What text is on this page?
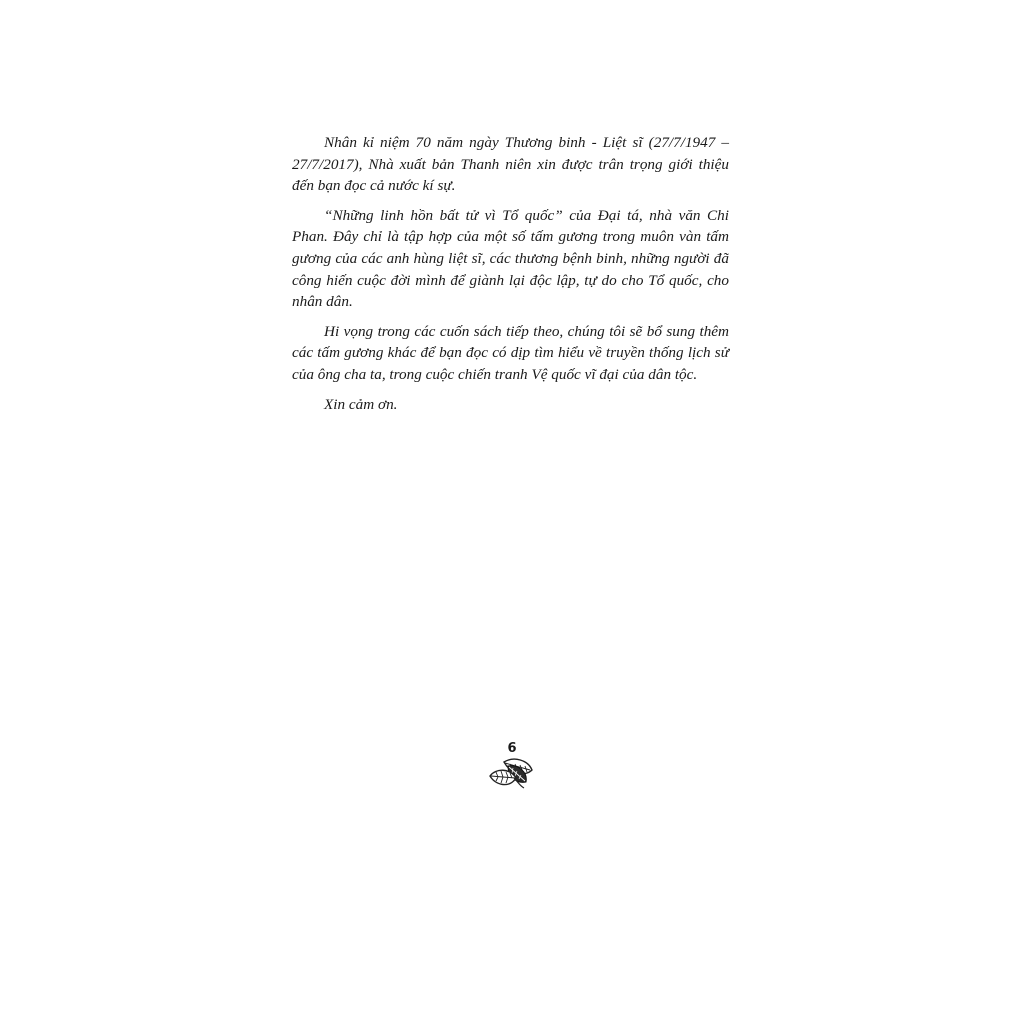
Nhân kỉ niệm 70 năm ngày Thương binh - Liệt sĩ (27/7/1947 – 27/7/2017), Nhà xuất bản Thanh niên xin được trân trọng giới thiệu đến bạn đọc cả nước kí sự.

“Những linh hồn bất tử vì Tổ quốc” của Đại tá, nhà văn Chi Phan. Đây chỉ là tập hợp của một số tấm gương trong muôn vàn tấm gương của các anh hùng liệt sĩ, các thương bệnh binh, những người đã công hiến cuộc đời mình để giành lại độc lập, tự do cho Tổ quốc, cho nhân dân.

Hi vọng trong các cuốn sách tiếp theo, chúng tôi sẽ bổ sung thêm các tấm gương khác để bạn đọc có dịp tìm hiểu về truyền thống lịch sử của ông cha ta, trong cuộc chiến tranh Vệ quốc vĩ đại của dân tộc.

Xin cảm ơn.

6
